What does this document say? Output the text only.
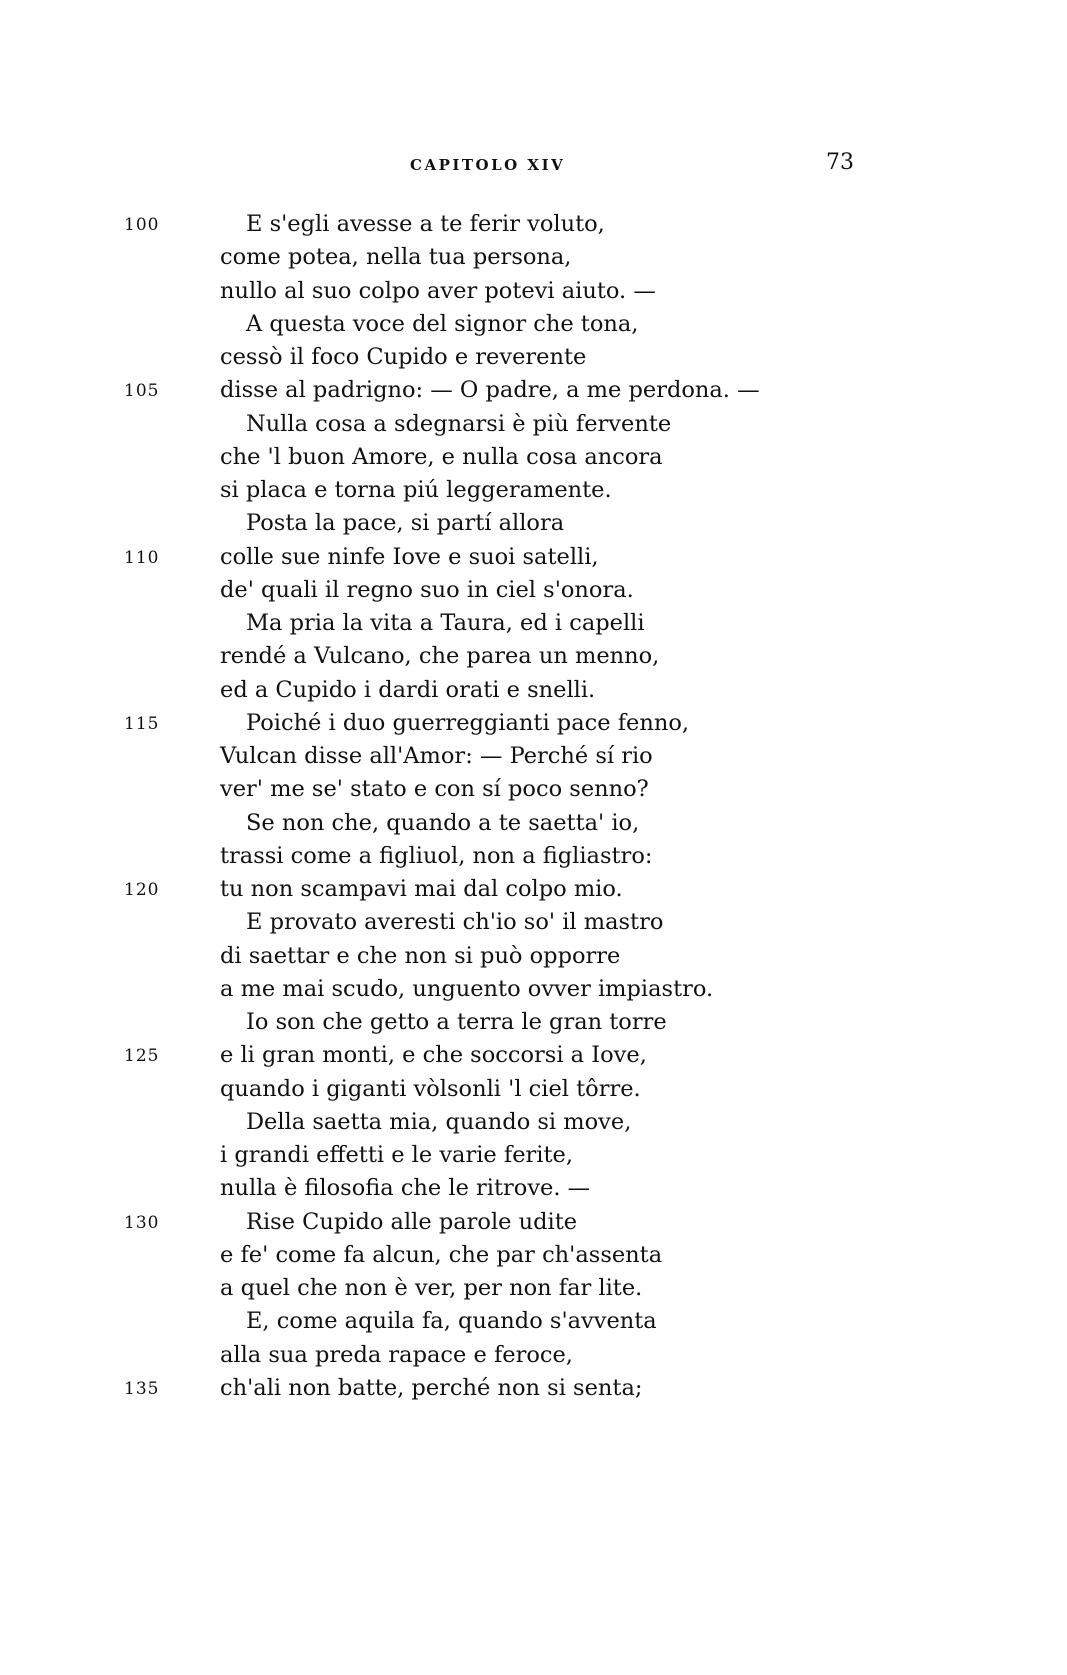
CAPITOLO XIV	73
100	E s'egli avesse a te ferir voluto,
come potea, nella tua persona,
nullo al suo colpo aver potevi aiuto. —
A questa voce del signor che tona,
cessò il foco Cupido e reverente
105	disse al padrigno: — O padre, a me perdona. —
Nulla cosa a sdegnarsi è più fervente
che 'l buon Amore, e nulla cosa ancora
si placa e torna piú leggeramente.
Posta la pace, si partí allora
110	colle sue ninfe Iove e suoi satelli,
de' quali il regno suo in ciel s'onora.
Ma pria la vita a Taura, ed i capelli
rendé a Vulcano, che parea un menno,
ed a Cupido i dardi orati e snelli.
115	Poiché i duo guerreggianti pace fenno,
Vulcan disse all'Amor: — Perché sí rio
ver' me se' stato e con sí poco senno?
Se non che, quando a te saetta' io,
trassi come a figliuol, non a figliastro:
120	tu non scampavi mai dal colpo mio.
E provato averesti ch'io so' il mastro
di saettar e che non si può opporre
a me mai scudo, unguento ovver impiastro.
Io son che getto a terra le gran torre
125	e li gran monti, e che soccorsi a Iove,
quando i giganti vòlsonli 'l ciel tôrre.
Della saetta mia, quando si move,
i grandi effetti e le varie ferite,
nulla è filosofia che le ritrove. —
130	Rise Cupido alle parole udite
e fe' come fa alcun, che par ch'assenta
a quel che non è ver, per non far lite.
E, come aquila fa, quando s'avventa
alla sua preda rapace e feroce,
135	ch'ali non batte, perché non si senta;
